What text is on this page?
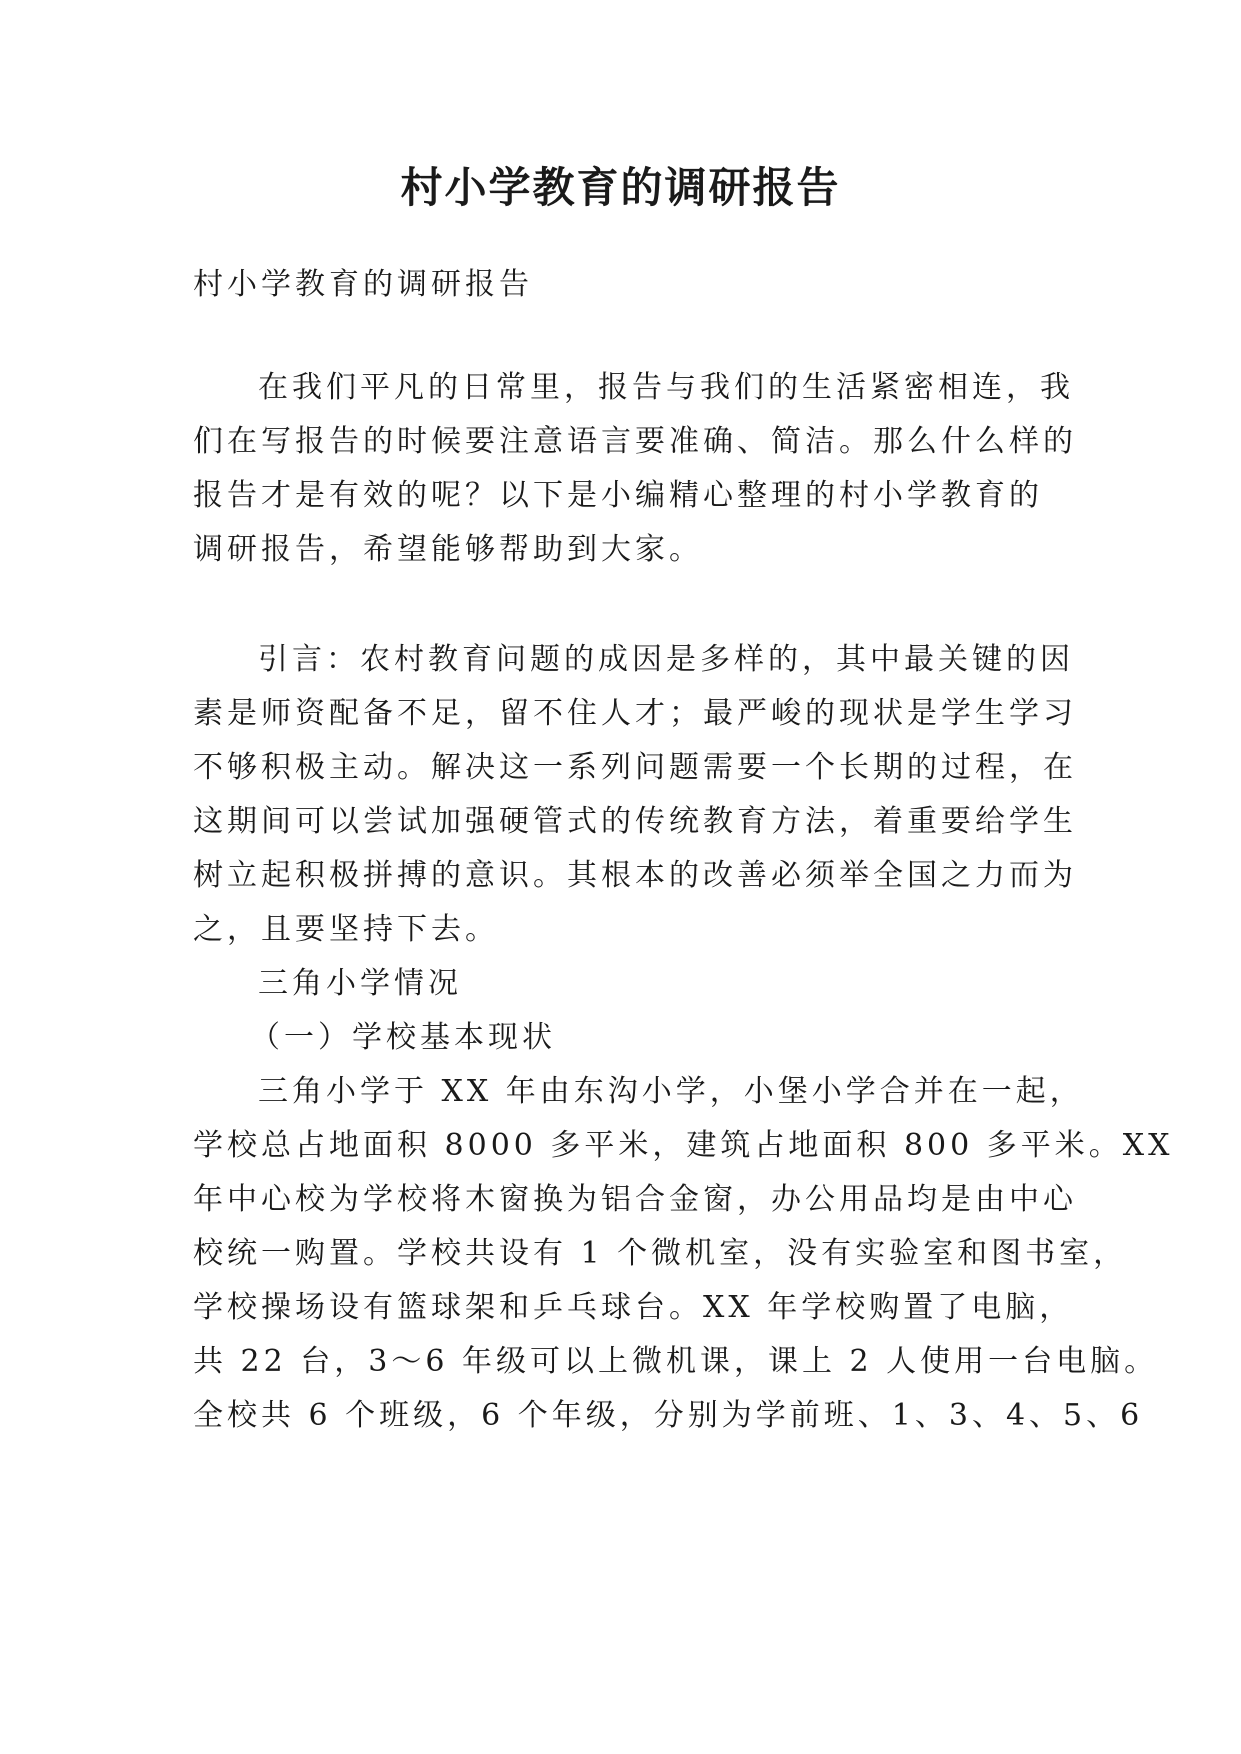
村小学教育的调研报告
村小学教育的调研报告
在我们平凡的日常里，报告与我们的生活紧密相连，我
们在写报告的时候要注意语言要准确、简洁。那么什么样的
报告才是有效的呢？以下是小编精心整理的村小学教育的
调研报告，希望能够帮助到大家。
引言：农村教育问题的成因是多样的，其中最关键的因
素是师资配备不足，留不住人才；最严峻的现状是学生学习
不够积极主动。解决这一系列问题需要一个长期的过程，在
这期间可以尝试加强硬管式的传统教育方法，着重要给学生
树立起积极拼搏的意识。其根本的改善必须举全国之力而为
之，且要坚持下去。
三角小学情况
（一）学校基本现状
三角小学于 XX 年由东沟小学，小堡小学合并在一起，
学校总占地面积 8000 多平米，建筑占地面积 800 多平米。XX
年中心校为学校将木窗换为铝合金窗，办公用品均是由中心
校统一购置。学校共设有 1 个微机室，没有实验室和图书室，
学校操场设有篮球架和乒乓球台。XX 年学校购置了电脑，
共 22 台，3～6 年级可以上微机课，课上 2 人使用一台电脑。
全校共 6 个班级，6 个年级，分别为学前班、1、3、4、5、6
